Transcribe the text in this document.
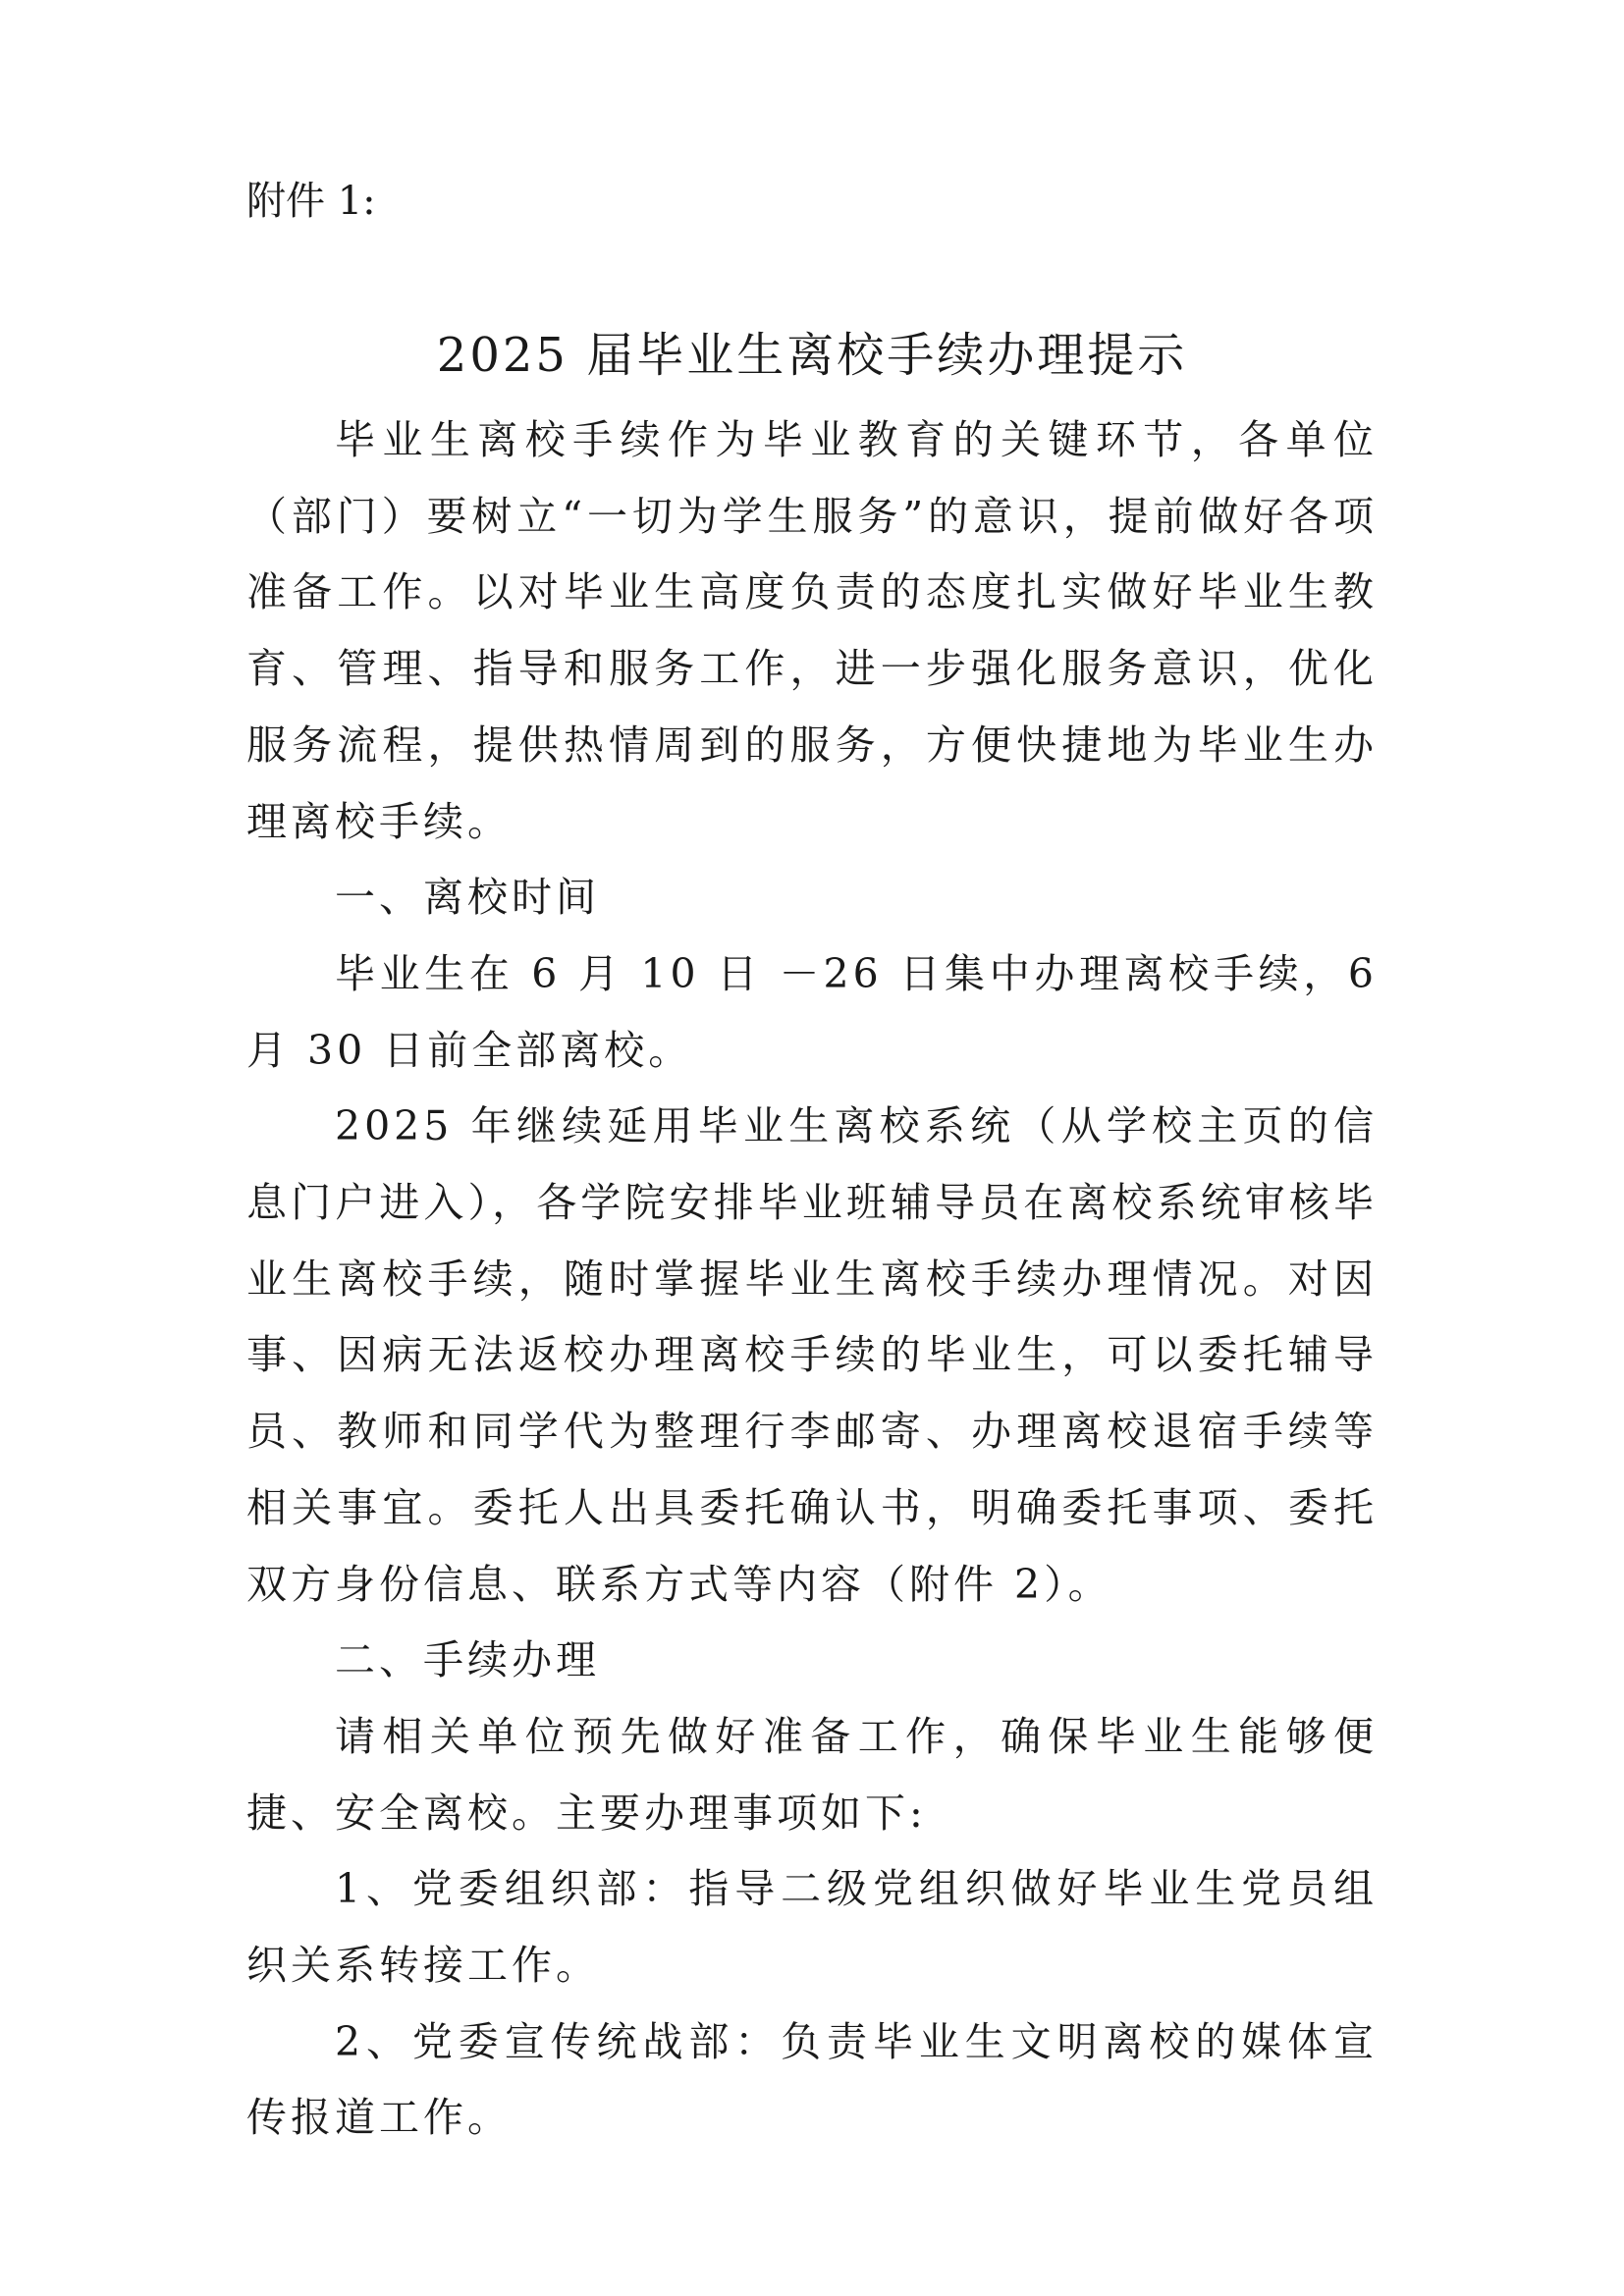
附件 1:
2025 届毕业生离校手续办理提示

毕业生离校手续作为毕业教育的关键环节，各单位（部门）要树立“一切为学生服务”的意识，提前做好各项准备工作。以对毕业生高度负责的态度扎实做好毕业生教育、管理、指导和服务工作，进一步强化服务意识，优化服务流程，提供热情周到的服务，方便快捷地为毕业生办理离校手续。

一、离校时间

毕业生在 6 月 10 日 －26 日集中办理离校手续，6 月 30 日前全部离校。

2025 年继续延用毕业生离校系统（从学校主页的信息门户进入），各学院安排毕业班辅导员在离校系统审核毕业生离校手续，随时掌握毕业生离校手续办理情况。对因事、因病无法返校办理离校手续的毕业生，可以委托辅导员、教师和同学代为整理行李邮寄、办理离校退宿手续等相关事宜。委托人出具委托确认书，明确委托事项、委托双方身份信息、联系方式等内容（附件 2）。

二、手续办理

请相关单位预先做好准备工作，确保毕业生能够便捷、安全离校。主要办理事项如下:

1、党委组织部：指导二级党组织做好毕业生党员组织关系转接工作。

2、党委宣传统战部：负责毕业生文明离校的媒体宣传报道工作。
